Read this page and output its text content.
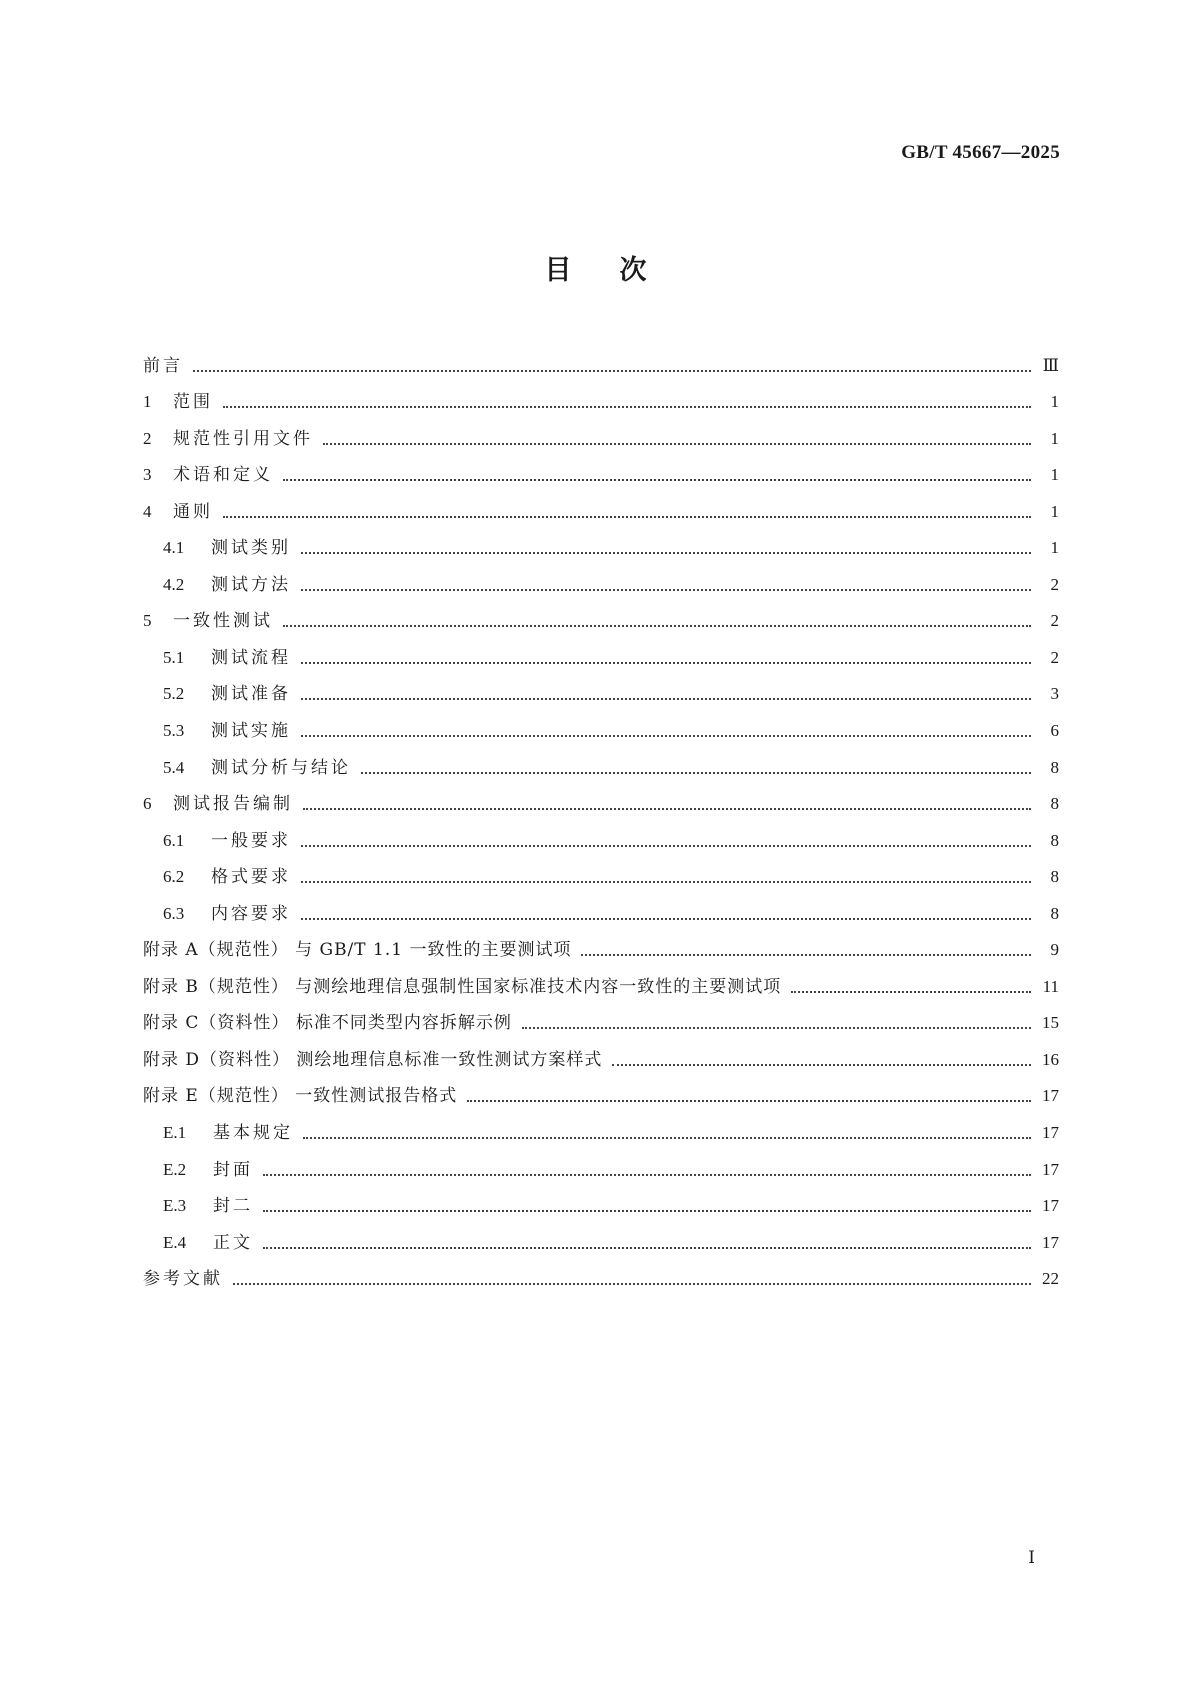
GB/T 45667—2025
目次
前言	Ⅲ
1	范围	1
2	规范性引用文件	1
3	术语和定义	1
4	通则	1
4.1	测试类别	1
4.2	测试方法	2
5	一致性测试	2
5.1	测试流程	2
5.2	测试准备	3
5.3	测试实施	6
5.4	测试分析与结论	8
6	测试报告编制	8
6.1	一般要求	8
6.2	格式要求	8
6.3	内容要求	8
附录 A（规范性） 与 GB/T 1.1 一致性的主要测试项	9
附录 B（规范性） 与测绘地理信息强制性国家标准技术内容一致性的主要测试项	11
附录 C（资料性） 标准不同类型内容拆解示例	15
附录 D（资料性） 测绘地理信息标准一致性测试方案样式	16
附录 E（规范性） 一致性测试报告格式	17
E.1	基本规定	17
E.2	封面	17
E.3	封二	17
E.4	正文	17
参考文献	22
Ⅰ
